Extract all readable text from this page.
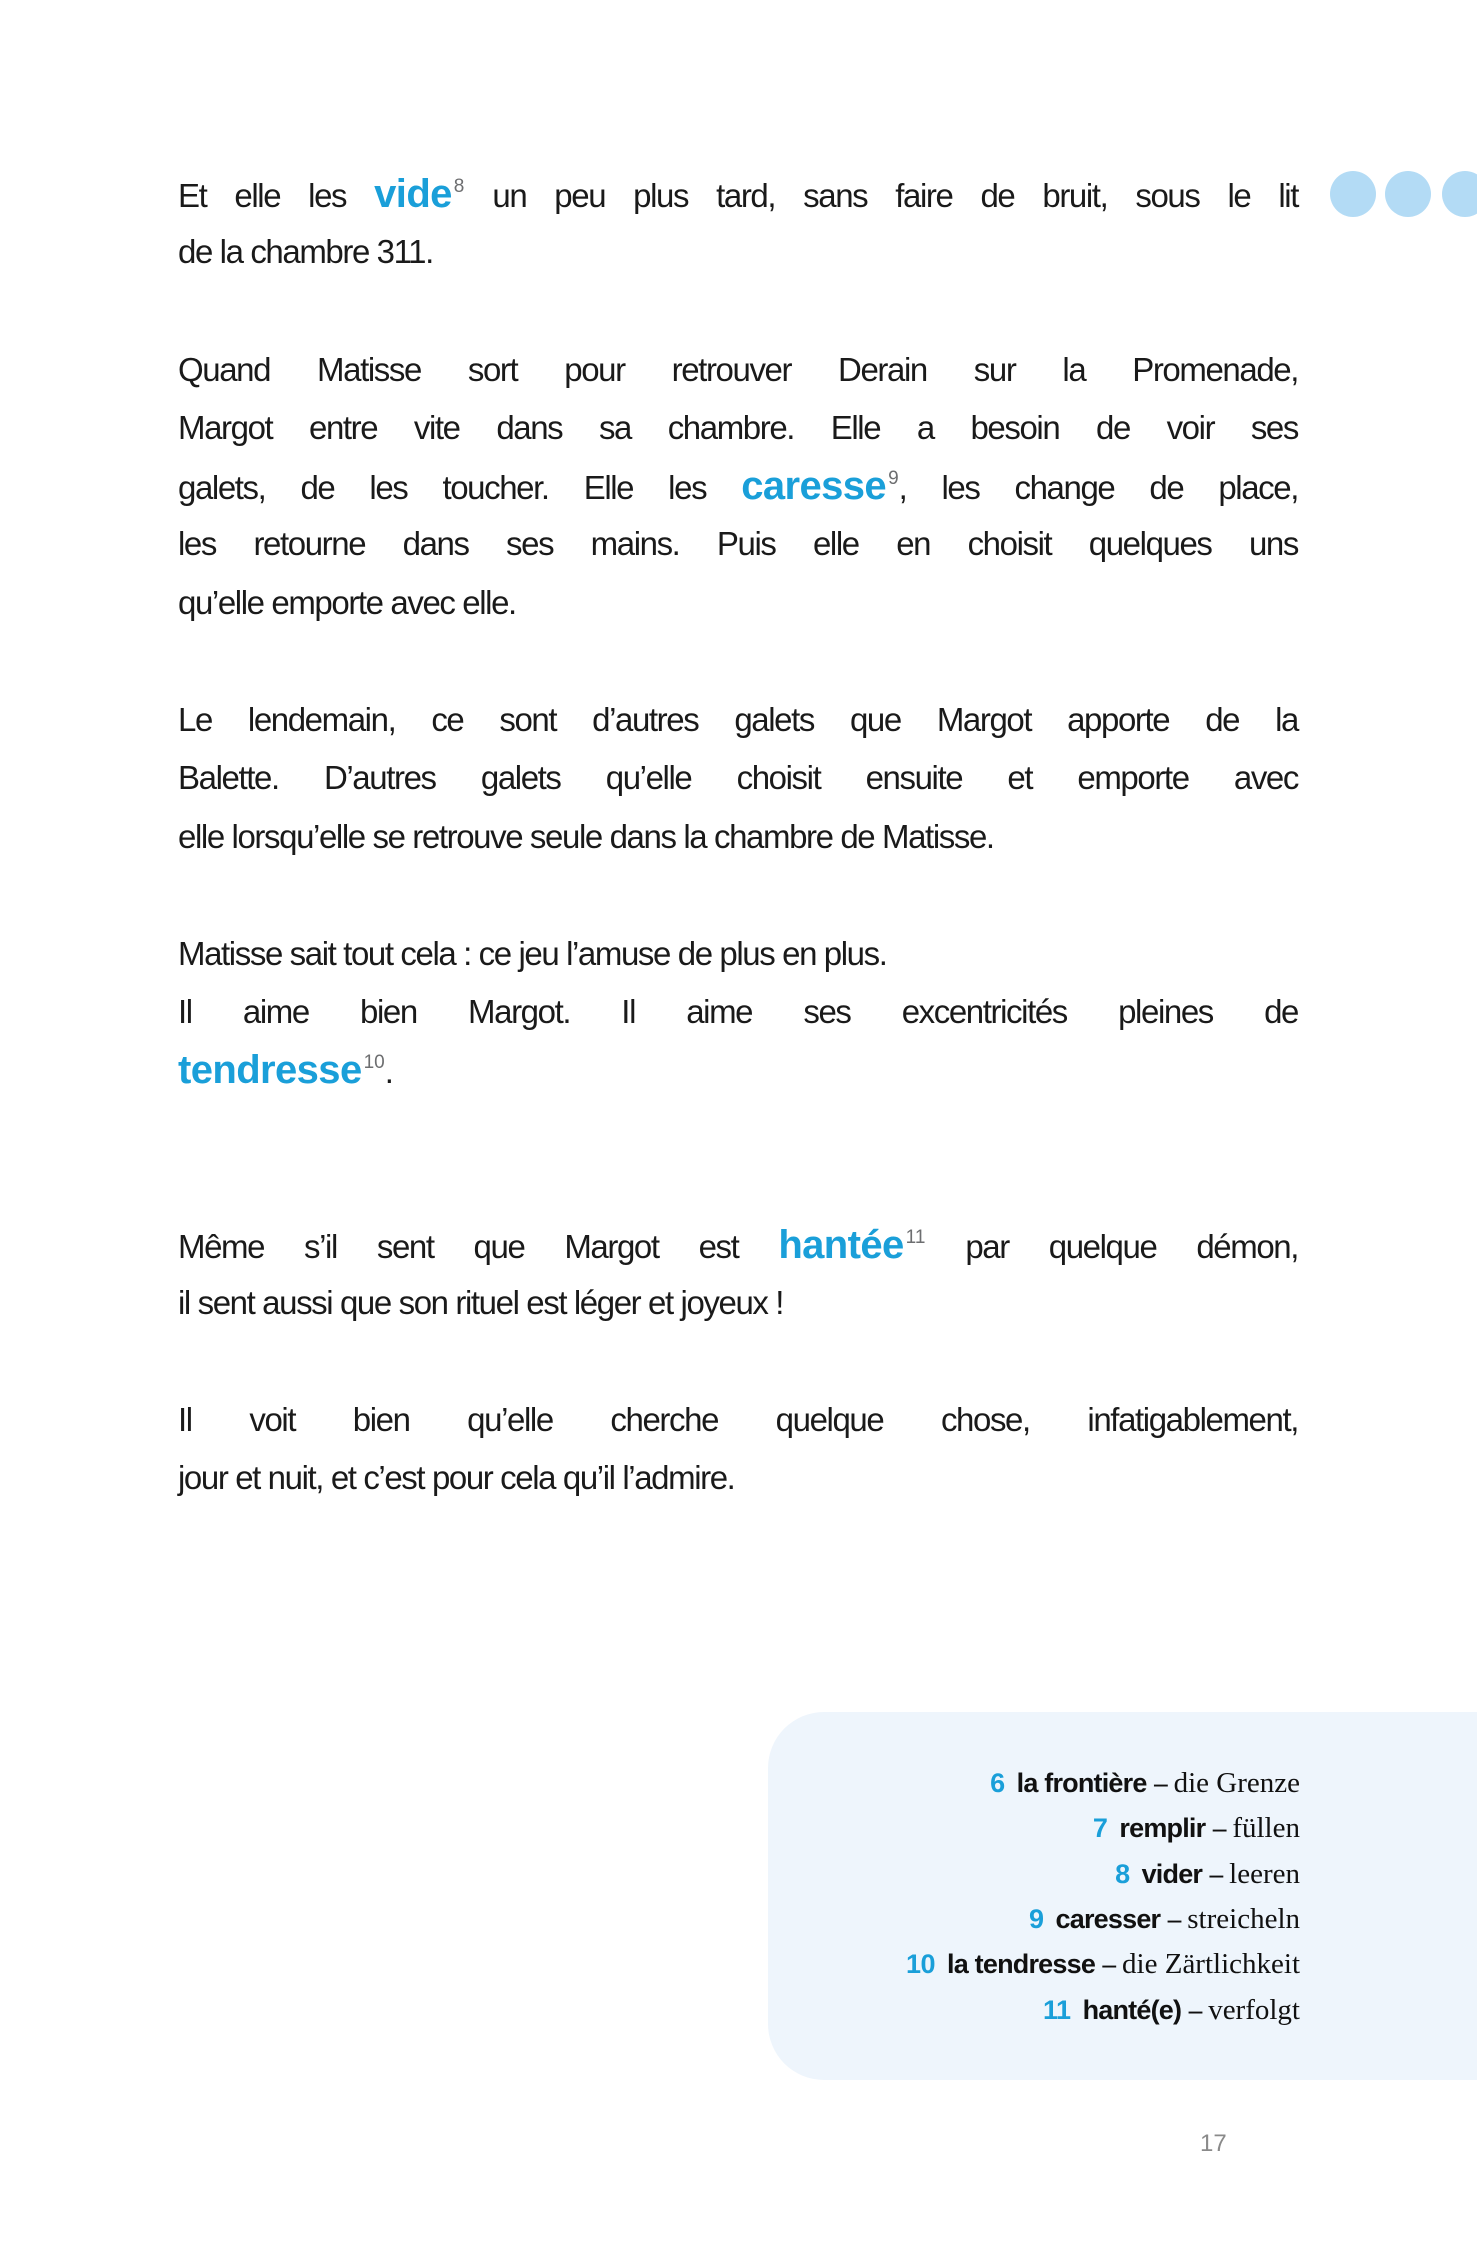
Et elle les vide $^8$ un peu plus tard, sans faire de bruit, sous le lit
de la chambre 311.
Quand Matisse sort pour retrouver Derain sur la Promenade,
Margot entre vite dans sa chambre. Elle a besoin de voir ses
galets, de les toucher. Elle les caresse $^9$, les change de place,
les retourne dans ses mains. Puis elle en choisit quelques uns
qu’elle emporte avec elle.
Le lendemain, ce sont d’autres galets que Margot apporte de la
Balette. D’autres galets qu’elle choisit ensuite et emporte avec
elle lorsqu’elle se retrouve seule dans la chambre de Matisse.
Matisse sait tout cela : ce jeu l’amuse de plus en plus.
Il aime bien Margot. Il aime ses excentricités pleines de
tendresse $^{10}$.
Même s’il sent que Margot est hantée $^{11}$ par quelque démon,
il sent aussi que son rituel est léger et joyeux !
Il voit bien qu’elle cherche quelque chose, infatigablement,
jour et nuit, et c’est pour cela qu’il l’admire.
6 la frontière – die Grenze
7 remplir – füllen
8 vider – leeren
9 caresser – streicheln
10 la tendresse – die Zärtlichkeit
11 hanté(e) – verfolgt
17
